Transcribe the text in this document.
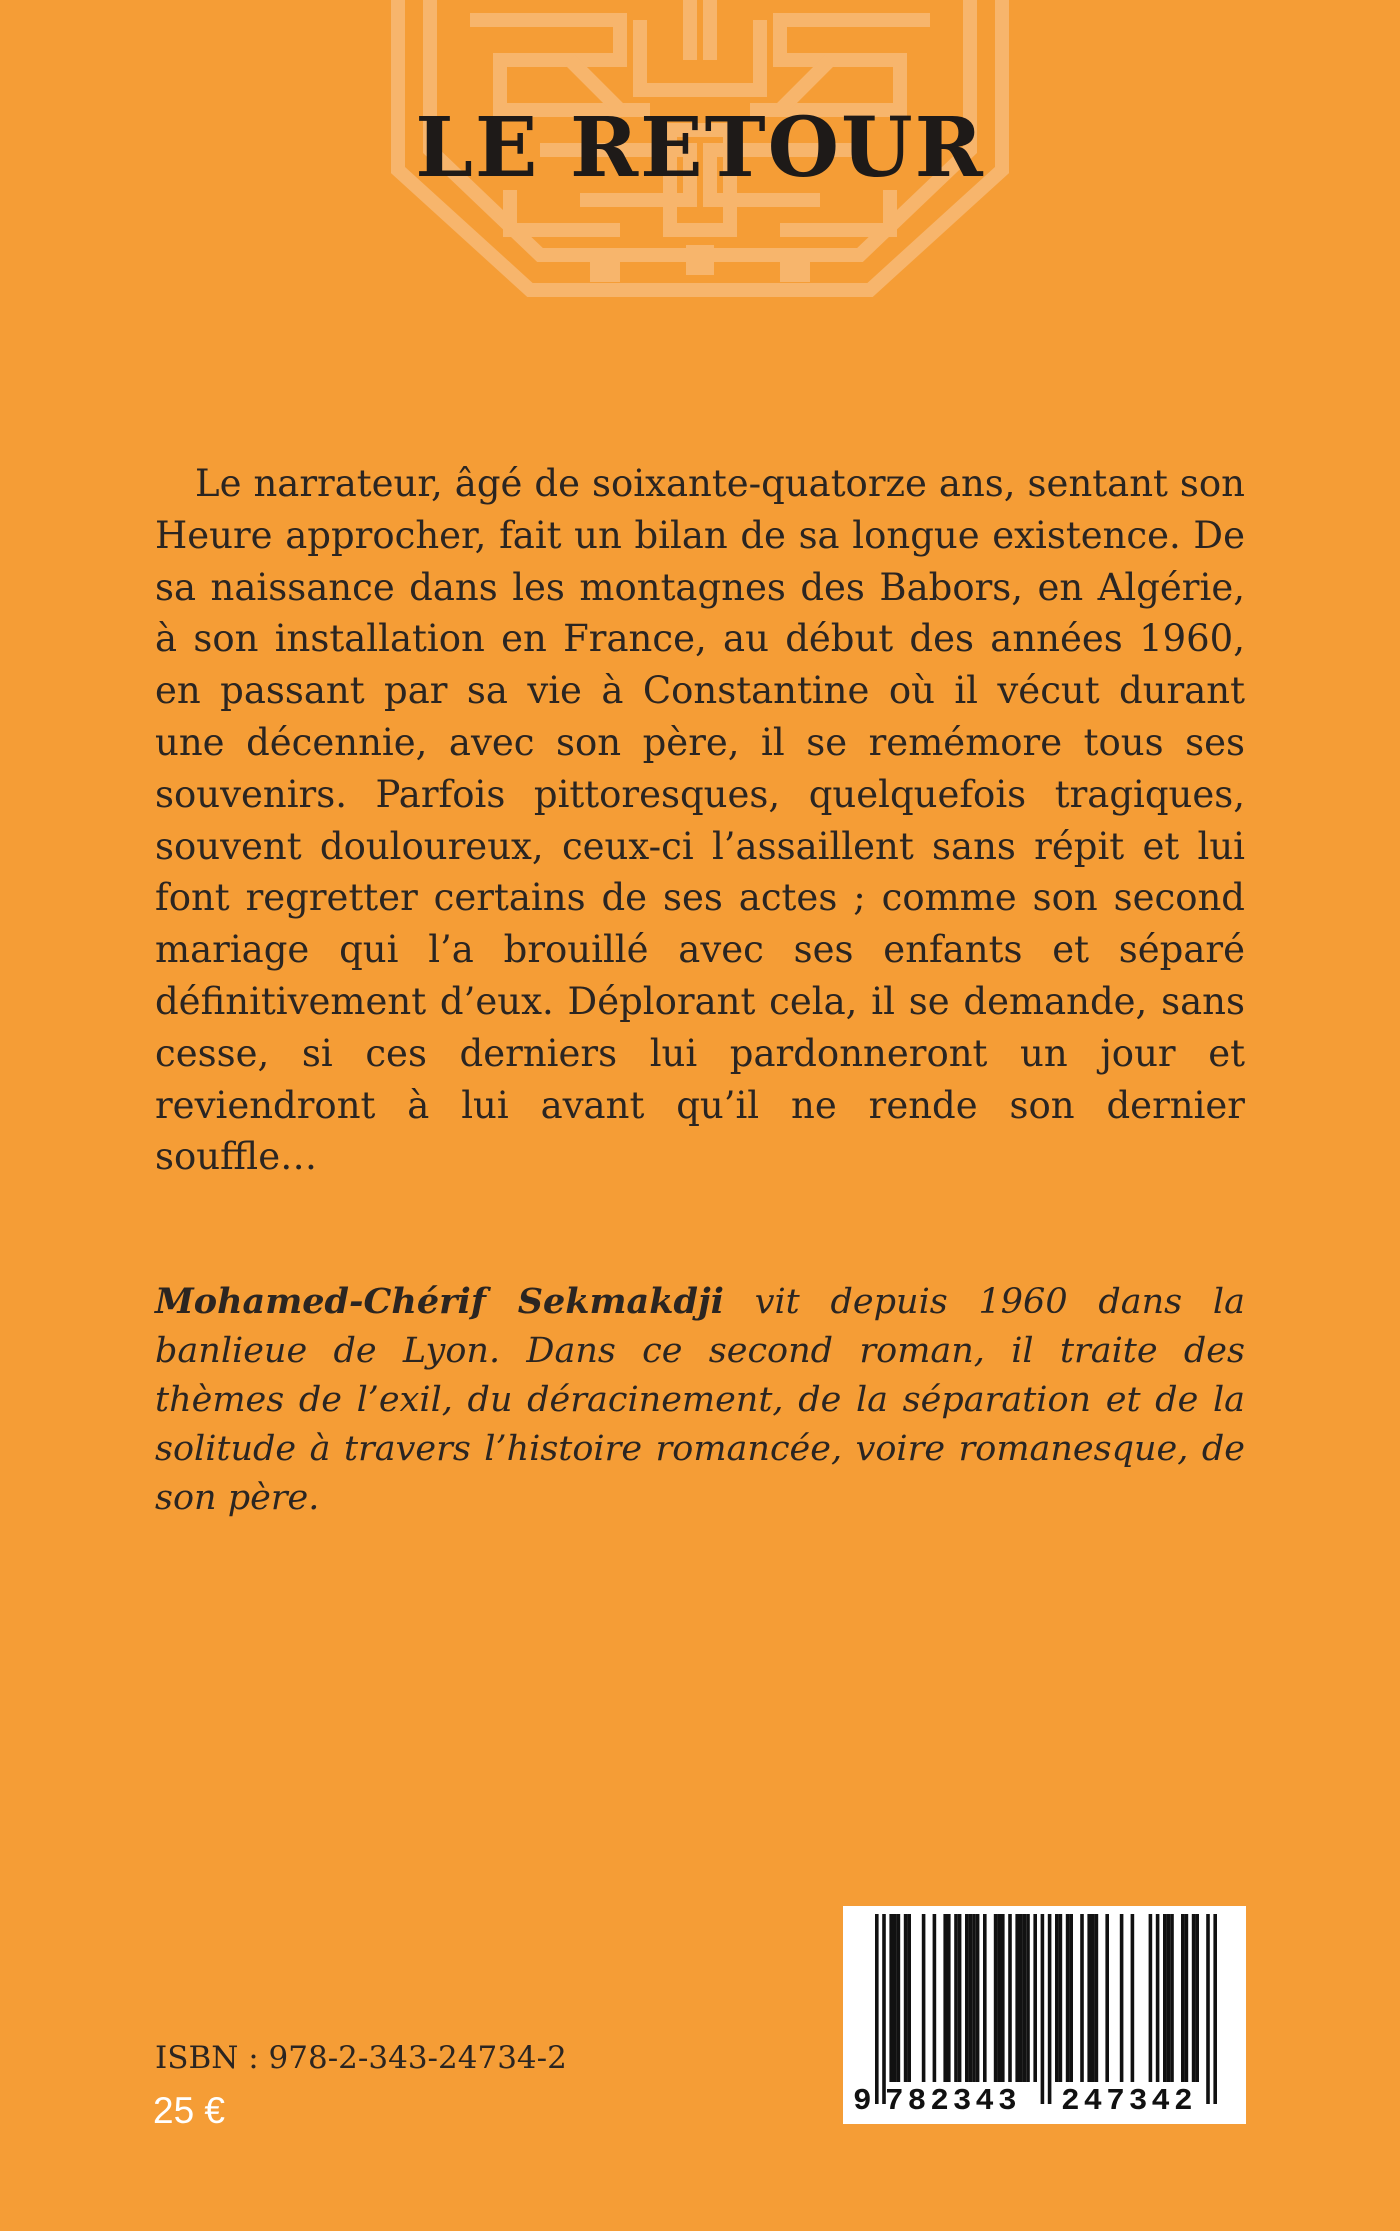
LE RETOUR

Le narrateur, âgé de soixante-quatorze ans, sentant son Heure approcher, fait un bilan de sa longue existence. De sa naissance dans les montagnes des Babors, en Algérie, à son installation en France, au début des années 1960, en passant par sa vie à Constantine où il vécut durant une décennie, avec son père, il se remémore tous ses souvenirs. Parfois pittoresques, quelquefois tragiques, souvent douloureux, ceux-ci l’assaillent sans répit et lui font regretter certains de ses actes ; comme son second mariage qui l’a brouillé avec ses enfants et séparé définitivement d’eux. Déplorant cela, il se demande, sans cesse, si ces derniers lui pardonneront un jour et reviendront à lui avant qu’il ne rende son dernier souffle…

Mohamed-Chérif Sekmakdji vit depuis 1960 dans la banlieue de Lyon. Dans ce second roman, il traite des thèmes de l’exil, du déracinement, de la séparation et de la solitude à travers l’histoire romancée, voire romanesque, de son père.

ISBN : 978-2-343-24734-2
25 €	9 782343 247342
